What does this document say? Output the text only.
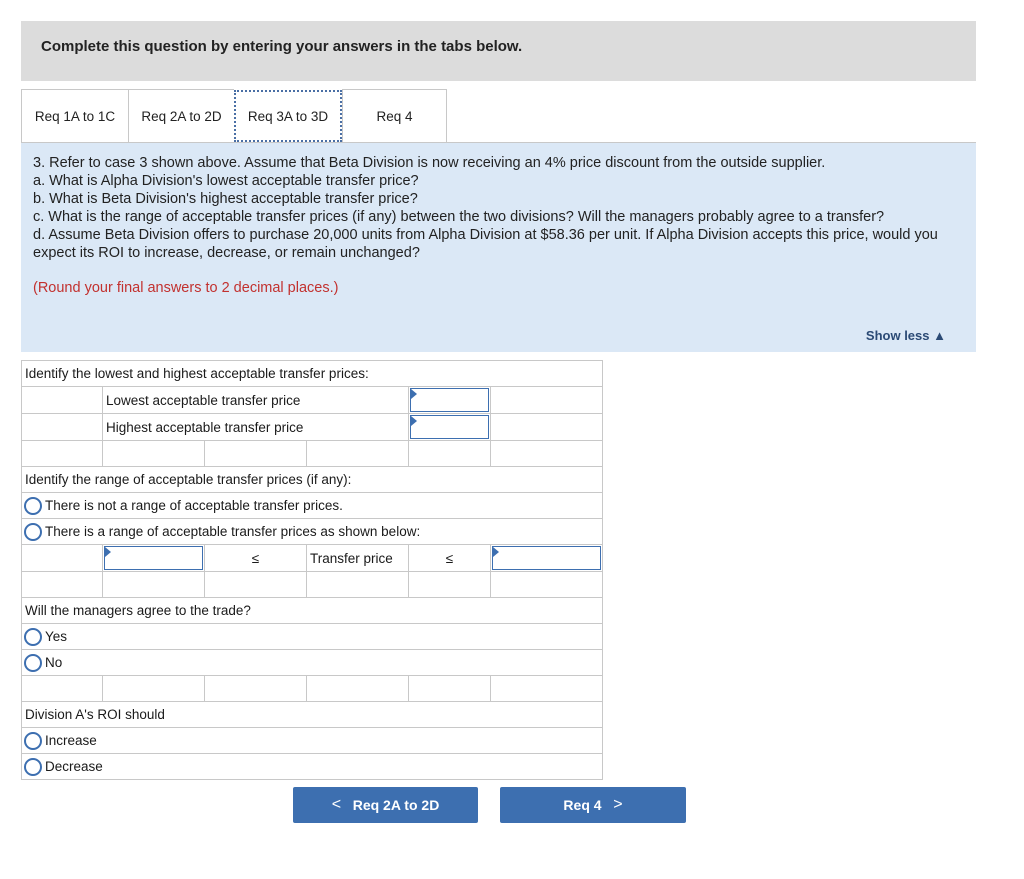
Complete this question by entering your answers in the tabs below.
Req 1A to 1C	Req 2A to 2D	Req 3A to 3D	Req 4
3. Refer to case 3 shown above. Assume that Beta Division is now receiving an 4% price discount from the outside supplier.
a. What is Alpha Division's lowest acceptable transfer price?
b. What is Beta Division's highest acceptable transfer price?
c. What is the range of acceptable transfer prices (if any) between the two divisions? Will the managers probably agree to a transfer?
d. Assume Beta Division offers to purchase 20,000 units from Alpha Division at $58.36 per unit. If Alpha Division accepts this price, would you expect its ROI to increase, decrease, or remain unchanged?
(Round your final answers to 2 decimal places.)
Show less ▲
Identify the lowest and highest acceptable transfer prices:					
	Lowest acceptable transfer price			

	Highest acceptable transfer price			

Identify the range of acceptable transfer prices (if any):					

There is not a range of acceptable transfer prices.					

There is a range of acceptable transfer prices as shown below:					

	≤	Transfer price	≤	

Will the managers agree to the trade?					

Yes					

No					

Division A's ROI should					

Increase					

Decrease					
<
Req 2A to 2D	Req 4
>
